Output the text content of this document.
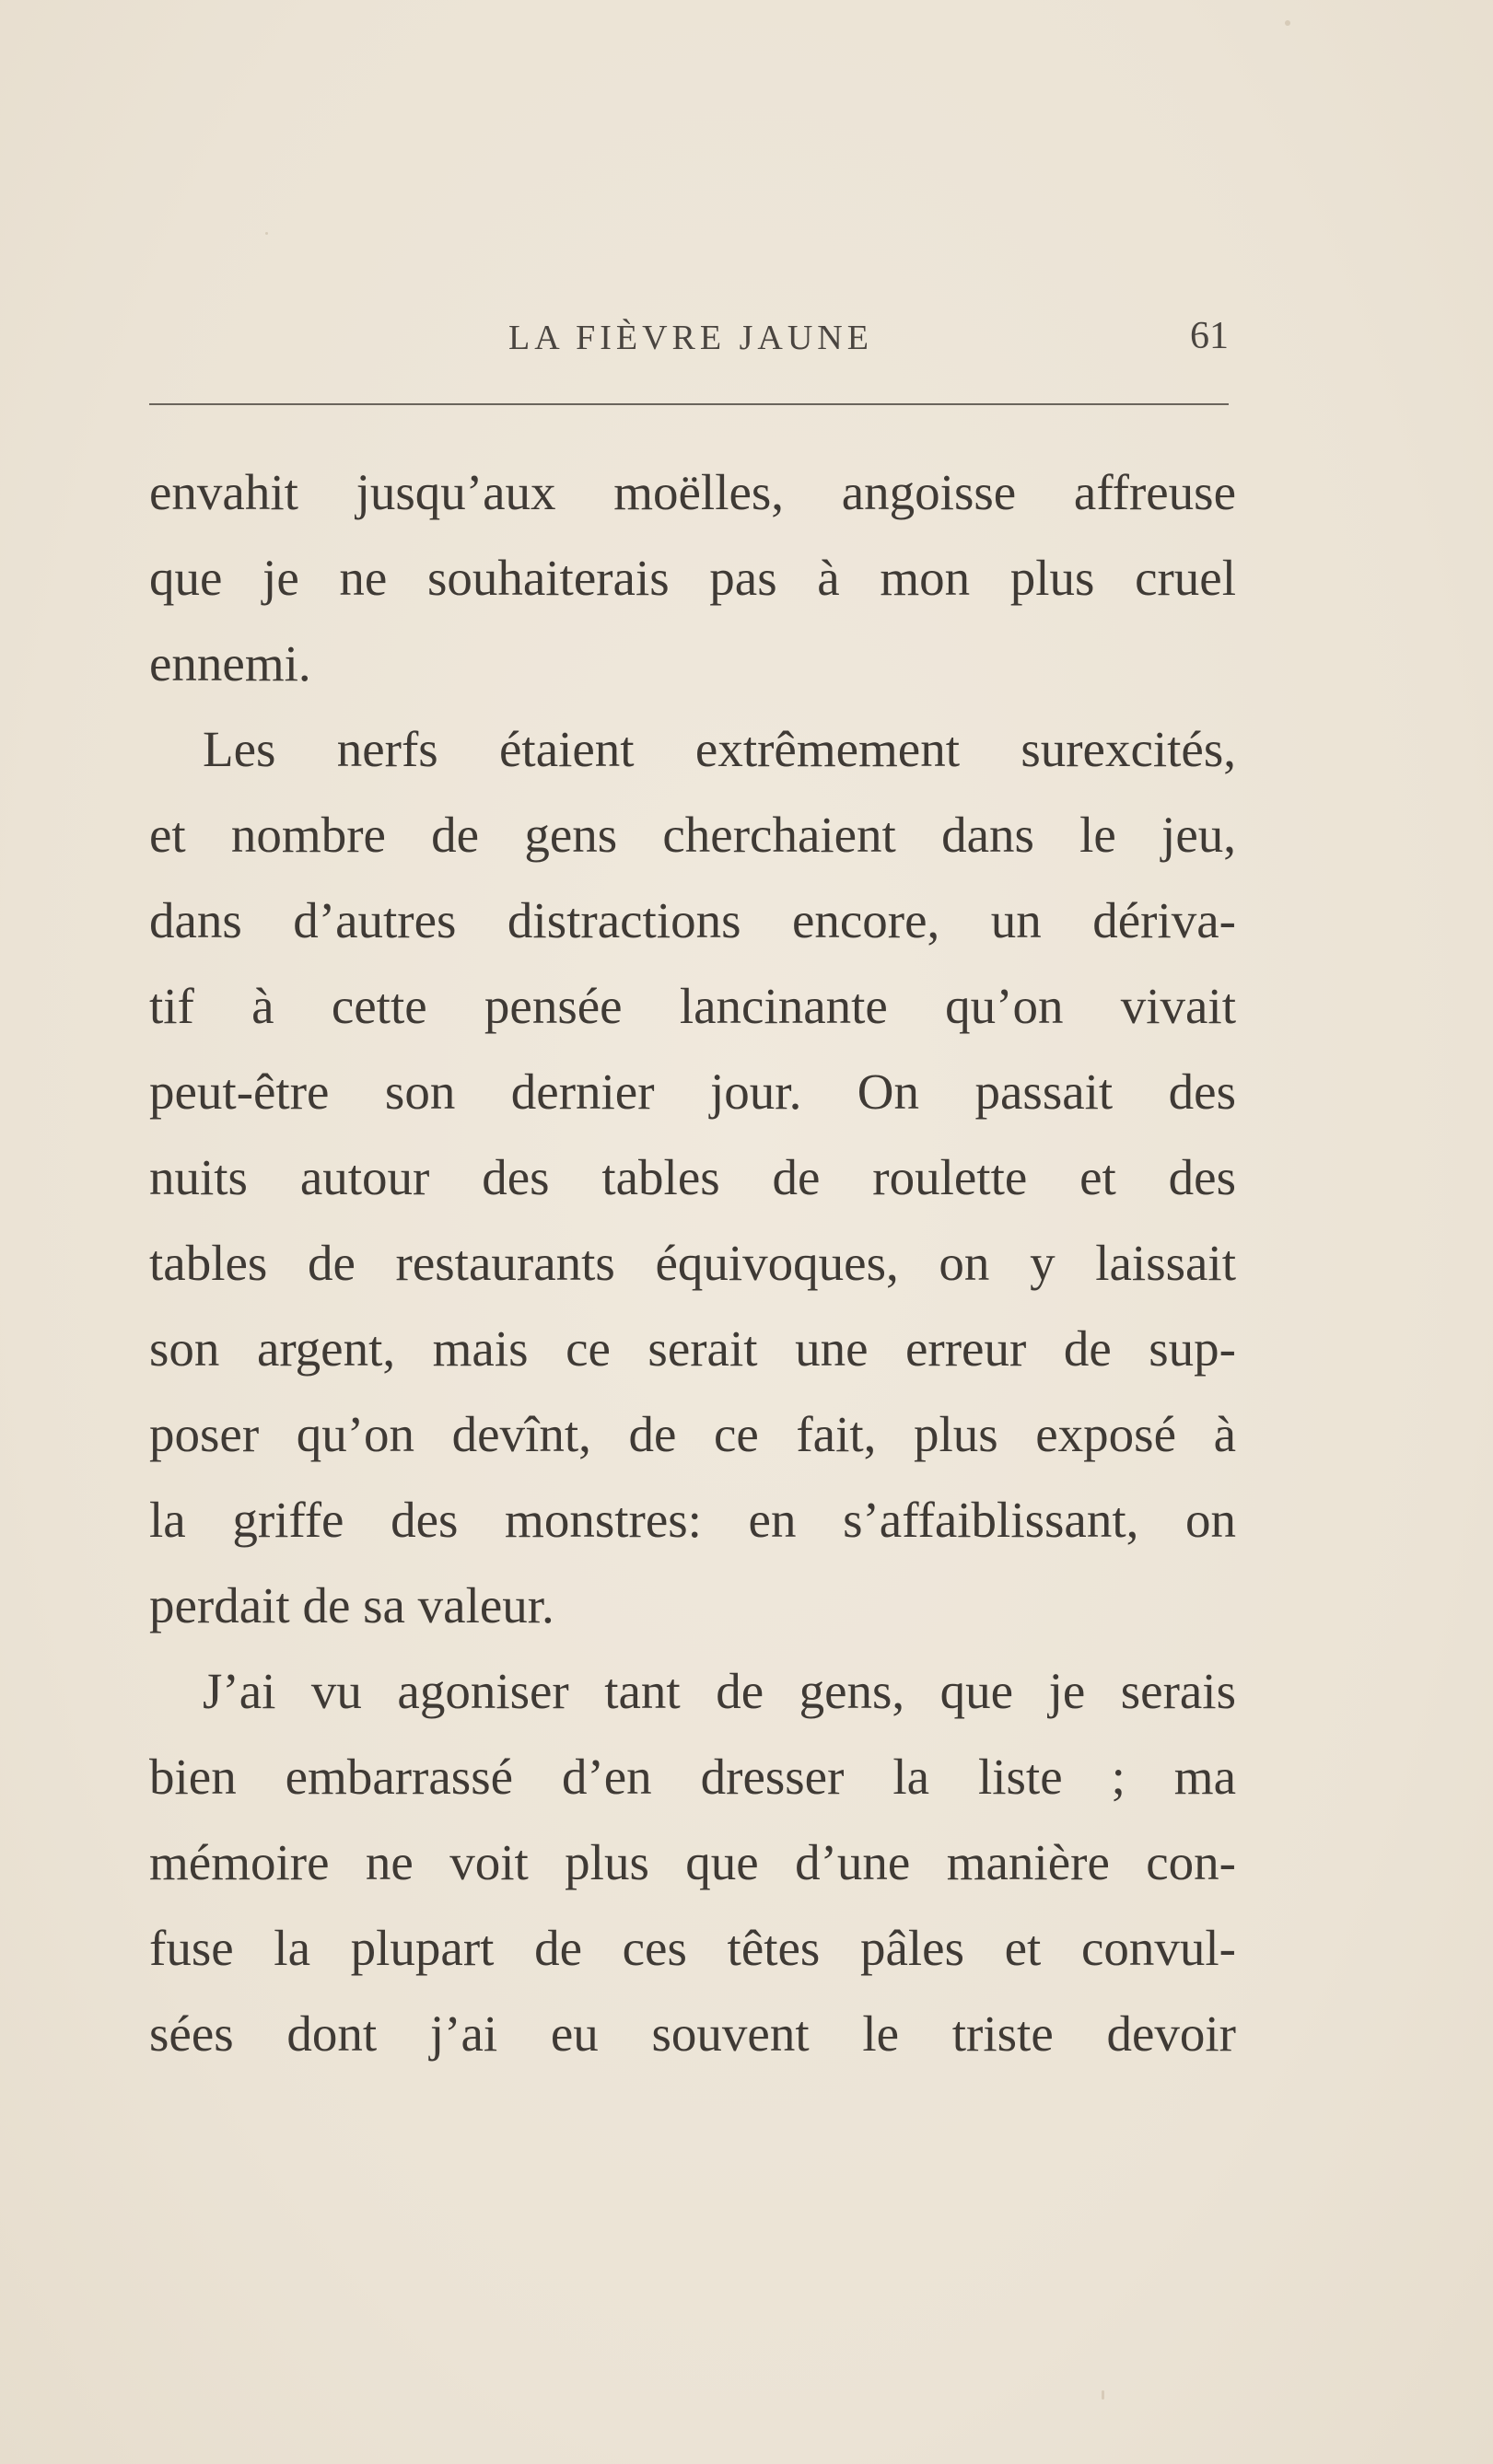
LA FIÈVRE JAUNE	61
envahit jusqu’aux moëlles, angoisse affreuse
que je ne souhaiterais pas à mon plus cruel
ennemi.
Les nerfs étaient extrêmement surexcités,
et nombre de gens cherchaient dans le jeu,
dans d’autres distractions encore, un dériva-
tif à cette pensée lancinante qu’on vivait
peut-être son dernier jour. On passait des
nuits autour des tables de roulette et des
tables de restaurants équivoques, on y laissait
son argent, mais ce serait une erreur de sup-
poser qu’on devînt, de ce fait, plus exposé à
la griffe des monstres: en s’affaiblissant, on
perdait de sa valeur.
J’ai vu agoniser tant de gens, que je serais
bien embarrassé d’en dresser la liste ; ma
mémoire ne voit plus que d’une manière con-
fuse la plupart de ces têtes pâles et convul-
sées dont j’ai eu souvent le triste devoir
